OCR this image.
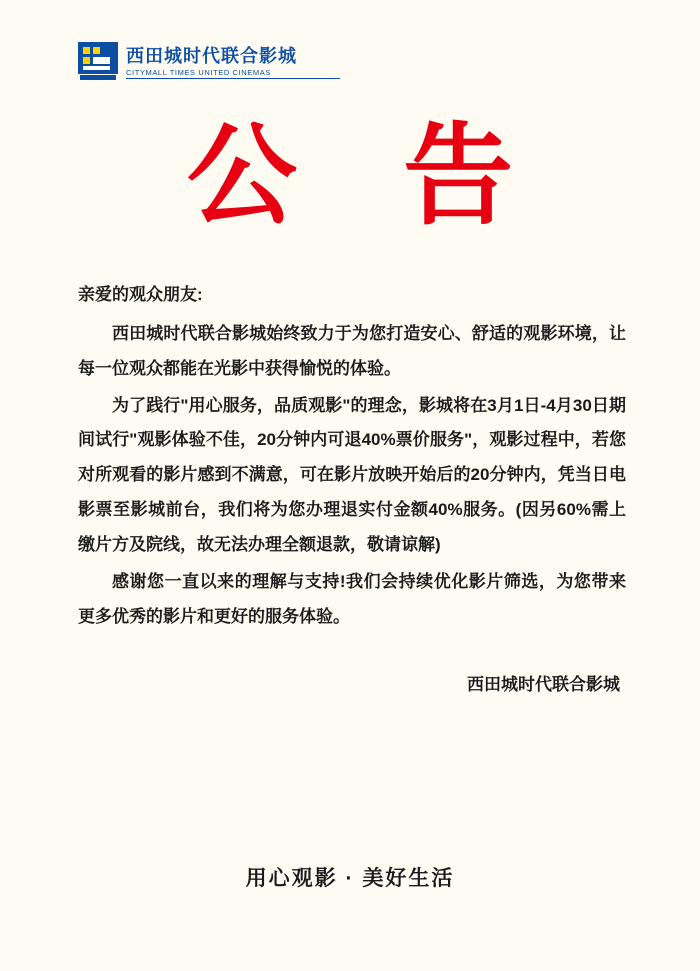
西田城时代联合影城
CITYMALL TIMES UNITED CINEMAS
公 告
亲爱的观众朋友:

西田城时代联合影城始终致力于为您打造安心、舒适的观影环境，让每一位观众都能在光影中获得愉悦的体验。

为了践行"用心服务，品质观影"的理念，影城将在3月1日-4月30日期间试行"观影体验不佳，20分钟内可退40%票价服务"，观影过程中，若您对所观看的影片感到不满意，可在影片放映开始后的20分钟内，凭当日电影票至影城前台，我们将为您办理退实付金额40%服务。(因另60%需上缴片方及院线，故无法办理全额退款，敬请谅解)

感谢您一直以来的理解与支持!我们会持续优化影片筛选，为您带来更多优秀的影片和更好的服务体验。

西田城时代联合影城
用心观影 · 美好生活
